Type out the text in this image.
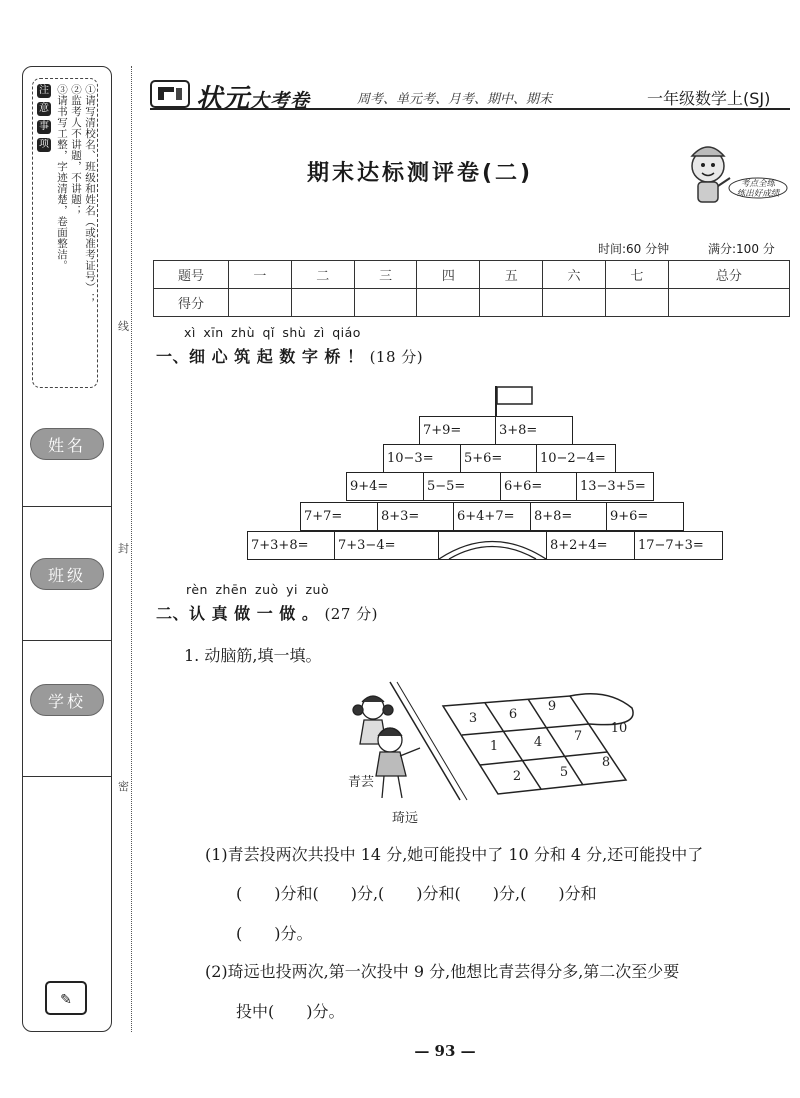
注
意
事
项	①请写清校名、班级和姓名（或准考证号）；
②监考人不讲题，不讲题；
③请书写工整，字迹清楚，卷面整洁。
姓名
班级
学校
✎
线
封
密
状元大考卷	周考、单元考、月考、期中、期末	一年级数学上(SJ)
期末达标测评卷(二)	考点全练
练出好成绩
时间:60 分钟	满分:100 分
题号	一	二	三	四	五	六	七	总分
得分								
xì xīn zhù qǐ shù zì qiáo
一、细 心 筑 起 数 字 桥 ！ (18 分)
7+9=	3+8=
10−3=	5+6=	10−2−4=
9+4=	5−5=	6+6=	13−3+5=
7+7=	8+3=	6+4+7=	8+8=	9+6=
7+3+8=	7+3−4=	8+2+4=	17−7+3=
rèn zhēn zuò yi zuò
二、认 真 做 一 做 。 (27 分)
1. 动脑筋,填一填。
青芸
琦远
3 6
9
10
1	4 7
2	5
8
(1)青芸投两次共投中 14 分,她可能投中了 10 分和 4 分,还可能投中了
(　　)分和(　　)分,(　　)分和(　　)分,(　　)分和
(　　)分。
(2)琦远也投两次,第一次投中 9 分,他想比青芸得分多,第二次至少要
投中(　　)分。
— 93 —
